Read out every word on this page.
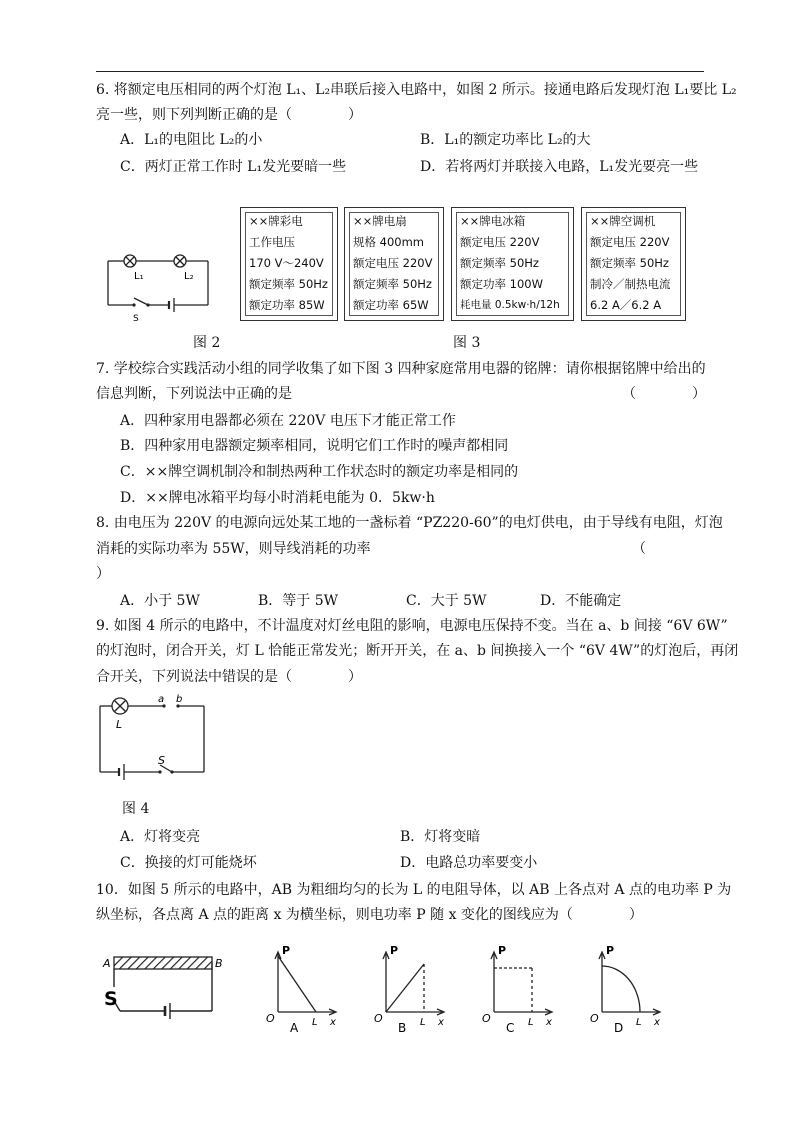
6. 将额定电压相同的两个灯泡 L₁、L₂串联后接入电路中，如图 2 所示。接通电路后发现灯泡 L₁要比 L₂
亮一些，则下列判断正确的是（　　　　）
A．L₁的电阻比 L₂的小	B．L₁的额定功率比 L₂的大
C．两灯正常工作时 L₁发光要暗一些	D．若将两灯并联接入电路，L₁发光要亮一些
L₁	L₂
S
图 2
××牌彩电
工作电压
170 V～240V
额定频率 50Hz
额定功率 85W
××牌电扇
规格 400mm
额定电压 220V
额定频率 50Hz
额定功率 65W
××牌电冰箱
额定电压 220V
额定频率 50Hz
额定功率 100W
耗电量 0.5kw·h/12h
××牌空调机
额定电压 220V
额定频率 50Hz
制冷／制热电流
6.2 A／6.2 A
图 3
7. 学校综合实践活动小组的同学收集了如下图 3 四种家庭常用电器的铭牌：请你根据铭牌中给出的
信息判断，下列说法中正确的是	（　　　　）
A．四种家用电器都必须在 220V 电压下才能正常工作
B．四种家用电器额定频率相同，说明它们工作时的噪声都相同
C．××牌空调机制冷和制热两种工作状态时的额定功率是相同的
D．××牌电冰箱平均每小时消耗电能为 0．5kw·h
8. 由电压为 220V 的电源向远处某工地的一盏标着 “PZ220-60”的电灯供电，由于导线有电阻，灯泡
消耗的实际功率为 55W，则导线消耗的功率	（
）
A．小于 5W	B．等于 5W	C．大于 5W	D．不能确定
9. 如图 4 所示的电路中，不计温度对灯丝电阻的影响，电源电压保持不变。当在 a、b 间接 “6V 6W”
的灯泡时，闭合开关，灯 L 恰能正常发光；断开开关，在 a、b 间换接入一个 “6V 4W”的灯泡后，再闭
合开关，下列说法中错误的是（　　　　）
L
a b
S
图 4
A．灯将变亮	B．灯将变暗
C．换接的灯可能烧坏	D．电路总功率要变小
10．如图 5 所示的电路中，AB 为粗细均匀的长为 L 的电阻导体，以 AB 上各点对 A 点的电功率 P 为
纵坐标，各点离 A 点的距离 x 为横坐标，则电功率 P 随 x 变化的图线应为（　　　　）
A	B
S
P
O	L x
A
P
O	L x
B
P
O	L x
C
P
O	L x
D
